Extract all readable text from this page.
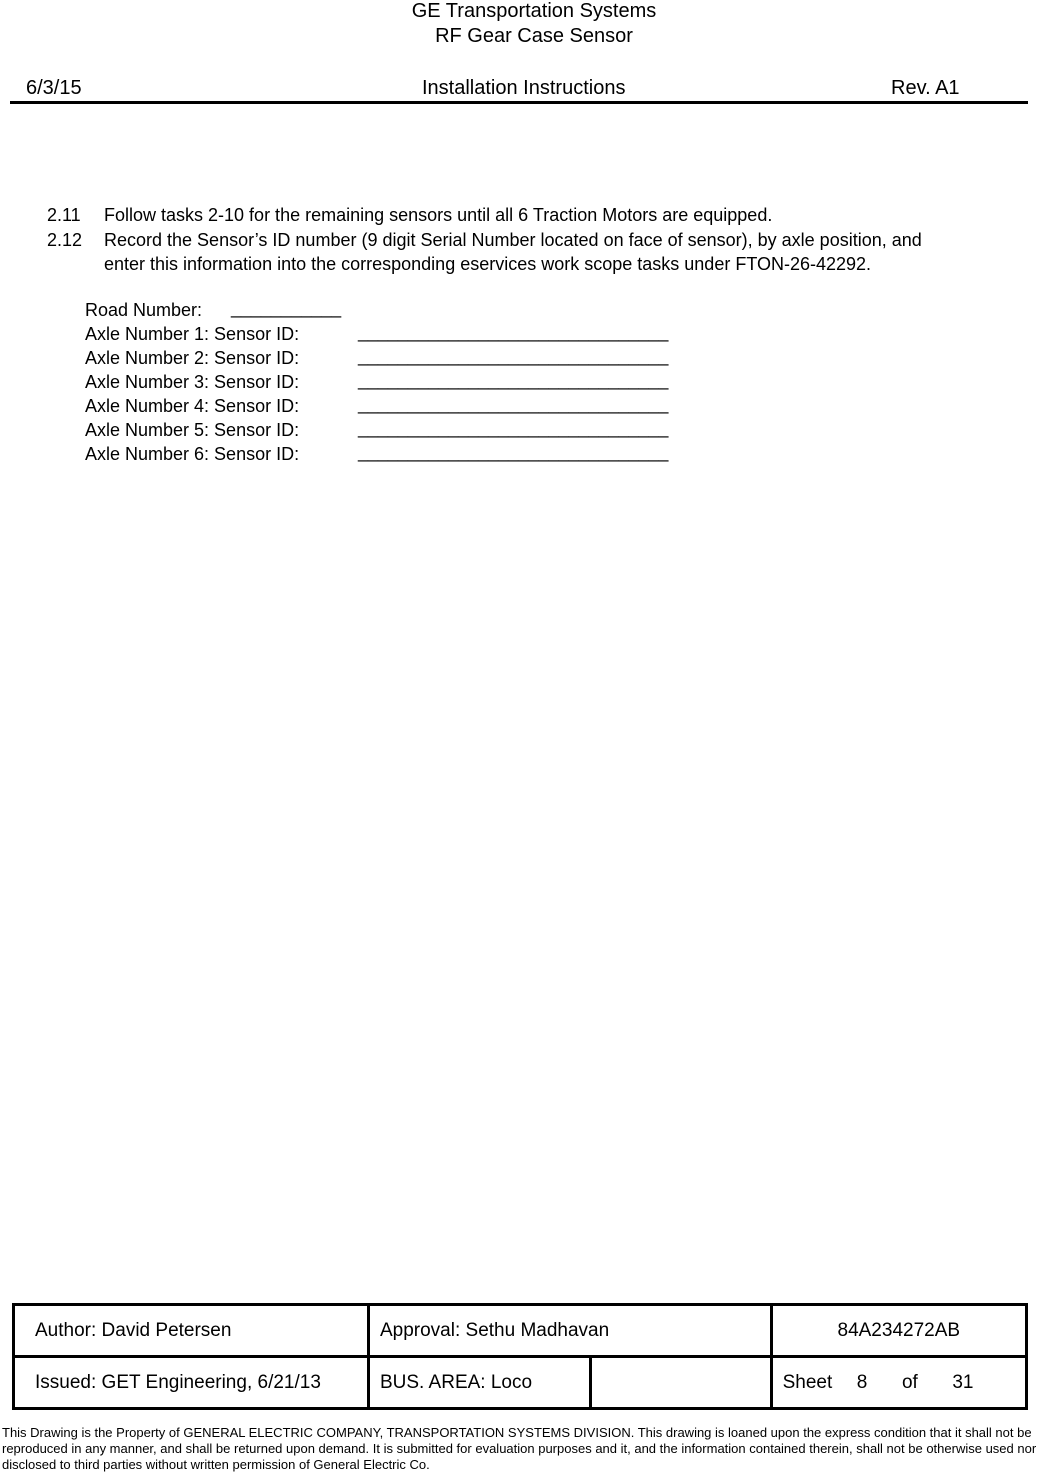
GE Transportation Systems
RF Gear Case Sensor
6/3/15	Installation Instructions	Rev. A1
2.11 Follow tasks 2-10 for the remaining sensors until all 6 Traction Motors are equipped.
2.12 Record the Sensor’s ID number (9 digit Serial Number located on face of sensor), by axle position, and
enter this information into the corresponding eservices work scope tasks under FTON-26-42292.
Road Number: ___________
Axle Number 1: Sensor ID:	_______________________________
Axle Number 2: Sensor ID:	_______________________________
Axle Number 3: Sensor ID:	_______________________________
Axle Number 4: Sensor ID:	_______________________________
Axle Number 5: Sensor ID:	_______________________________
Axle Number 6: Sensor ID:	_______________________________
Author: David Petersen	Approval: Sethu Madhavan		84A234272AB
Issued: GET Engineering, 6/21/13	BUS. AREA: Loco		Sheet 8 of 31
This Drawing is the Property of GENERAL ELECTRIC COMPANY, TRANSPORTATION SYSTEMS DIVISION. This drawing is loaned upon the express condition that it shall not be reproduced in any manner, and shall be returned upon demand. It is submitted for evaluation purposes and it, and the information contained therein, shall not be otherwise used nor disclosed to third parties without written permission of General Electric Co.
